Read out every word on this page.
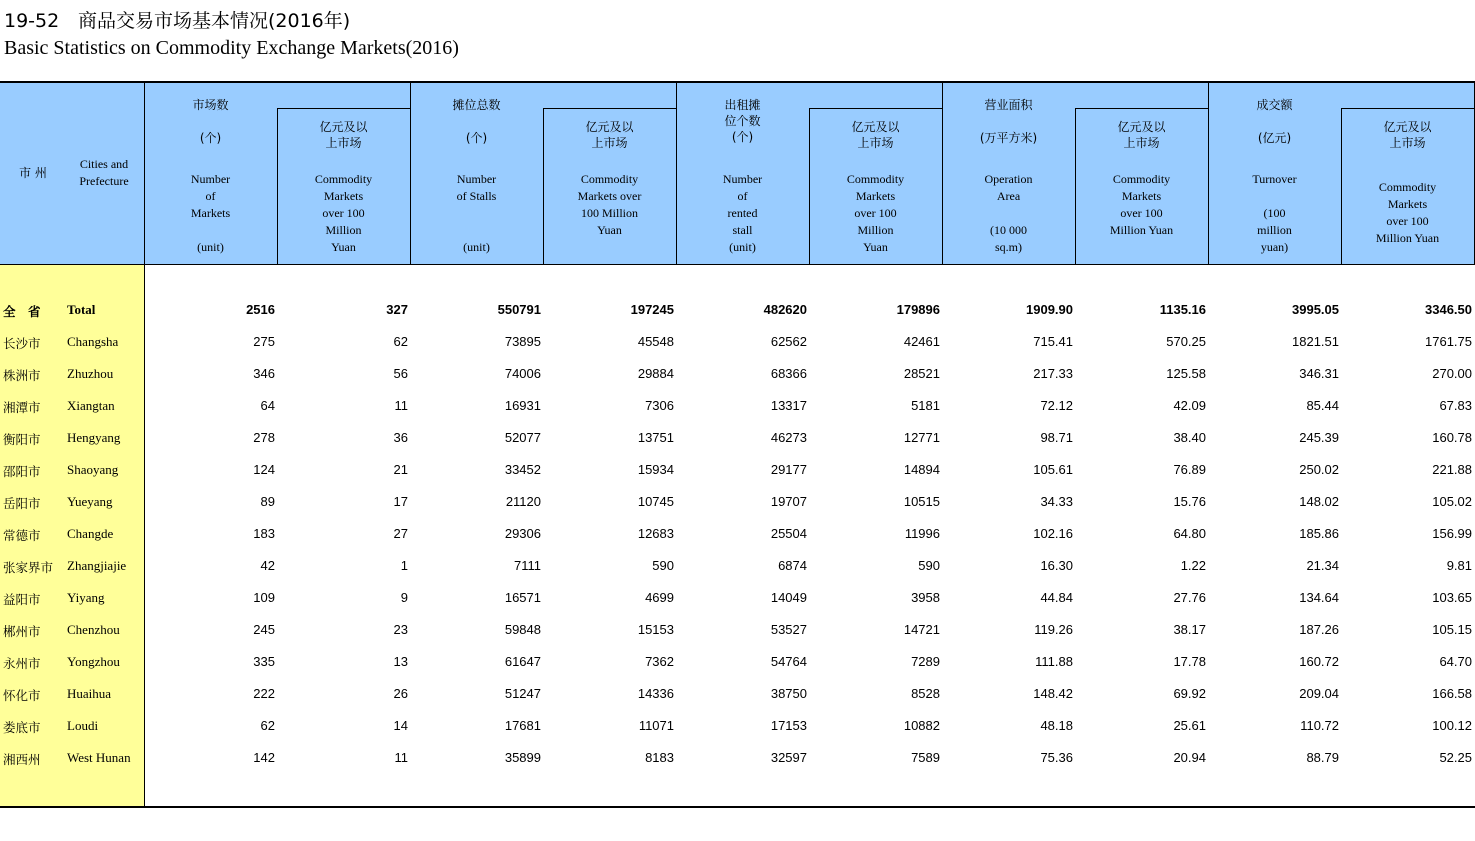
19-52 商品交易市场基本情况(2016年)
Basic Statistics on Commodity Exchange Markets(2016)
市 州
Cities and
Prefecture
市场数
(个)
Number
of
Markets
(unit)
亿元及以
上市场
Commodity
Markets
over 100
Million
Yuan
摊位总数
(个)
Number
of Stalls
(unit)
亿元及以
上市场
Commodity
Markets over
100 Million
Yuan
出租摊
位个数
(个)
Number
of
rented
stall
(unit)
亿元及以
上市场
Commodity
Markets
over 100
Million
Yuan
营业面积
(万平方米)
Operation
Area
(10 000
sq.m)
亿元及以
上市场
Commodity
Markets
over 100
Million Yuan
成交额
(亿元)
Turnover
(100
million
yuan)
亿元及以
上市场
Commodity
Markets
over 100
Million Yuan
全　省 Total	2516	327	550791	197245	482620	179896	1909.90	1135.16	3995.05	3346.50
长沙市 Changsha	275	62	73895	45548	62562	42461	715.41	570.25	1821.51	1761.75
株洲市 Zhuzhou	346	56	74006	29884	68366	28521	217.33	125.58	346.31	270.00
湘潭市 Xiangtan	64	11	16931	7306	13317	5181	72.12	42.09	85.44	67.83
衡阳市 Hengyang	278	36	52077	13751	46273	12771	98.71	38.40	245.39	160.78
邵阳市 Shaoyang	124	21	33452	15934	29177	14894	105.61	76.89	250.02	221.88
岳阳市 Yueyang	89	17	21120	10745	19707	10515	34.33	15.76	148.02	105.02
常德市 Changde	183	27	29306	12683	25504	11996	102.16	64.80	185.86	156.99
张家界市 Zhangjiajie	42	1	7111	590	6874	590	16.30	1.22	21.34	9.81
益阳市 Yiyang	109	9	16571	4699	14049	3958	44.84	27.76	134.64	103.65
郴州市 Chenzhou	245	23	59848	15153	53527	14721	119.26	38.17	187.26	105.15
永州市 Yongzhou	335	13	61647	7362	54764	7289	111.88	17.78	160.72	64.70
怀化市 Huaihua	222	26	51247	14336	38750	8528	148.42	69.92	209.04	166.58
娄底市 Loudi	62	14	17681	11071	17153	10882	48.18	25.61	110.72	100.12
湘西州 West Hunan	142	11	35899	8183	32597	7589	75.36	20.94	88.79	52.25
